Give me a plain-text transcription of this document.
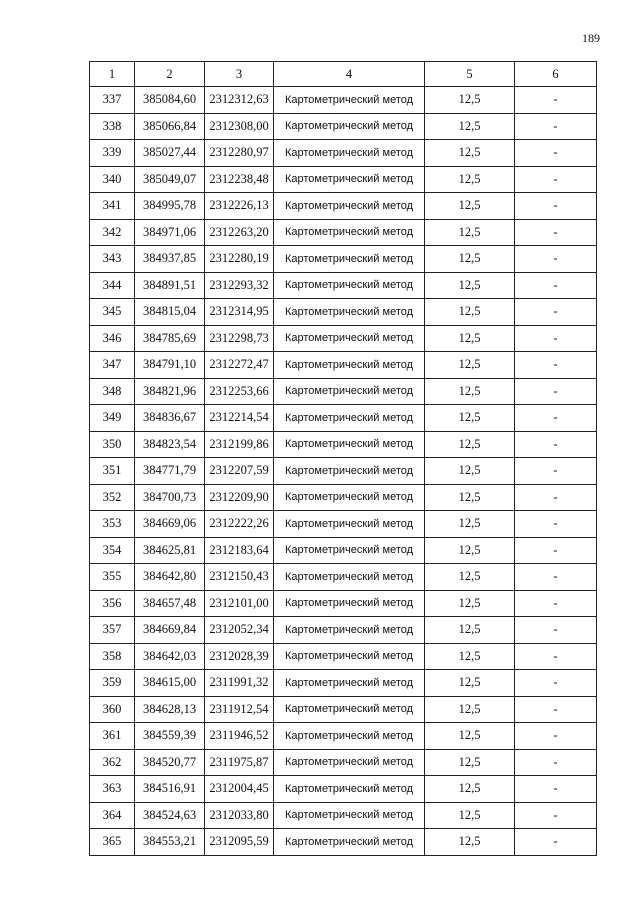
189
1	2	3	4	5	6
337	385084,60	2312312,63	Картометрический метод	12,5	-
338	385066,84	2312308,00	Картометрический метод	12,5	-
339	385027,44	2312280,97	Картометрический метод	12,5	-
340	385049,07	2312238,48	Картометрический метод	12,5	-
341	384995,78	2312226,13	Картометрический метод	12,5	-
342	384971,06	2312263,20	Картометрический метод	12,5	-
343	384937,85	2312280,19	Картометрический метод	12,5	-
344	384891,51	2312293,32	Картометрический метод	12,5	-
345	384815,04	2312314,95	Картометрический метод	12,5	-
346	384785,69	2312298,73	Картометрический метод	12,5	-
347	384791,10	2312272,47	Картометрический метод	12,5	-
348	384821,96	2312253,66	Картометрический метод	12,5	-
349	384836,67	2312214,54	Картометрический метод	12,5	-
350	384823,54	2312199,86	Картометрический метод	12,5	-
351	384771,79	2312207,59	Картометрический метод	12,5	-
352	384700,73	2312209,90	Картометрический метод	12,5	-
353	384669,06	2312222,26	Картометрический метод	12,5	-
354	384625,81	2312183,64	Картометрический метод	12,5	-
355	384642,80	2312150,43	Картометрический метод	12,5	-
356	384657,48	2312101,00	Картометрический метод	12,5	-
357	384669,84	2312052,34	Картометрический метод	12,5	-
358	384642,03	2312028,39	Картометрический метод	12,5	-
359	384615,00	2311991,32	Картометрический метод	12,5	-
360	384628,13	2311912,54	Картометрический метод	12,5	-
361	384559,39	2311946,52	Картометрический метод	12,5	-
362	384520,77	2311975,87	Картометрический метод	12,5	-
363	384516,91	2312004,45	Картометрический метод	12,5	-
364	384524,63	2312033,80	Картометрический метод	12,5	-
365	384553,21	2312095,59	Картометрический метод	12,5	-
